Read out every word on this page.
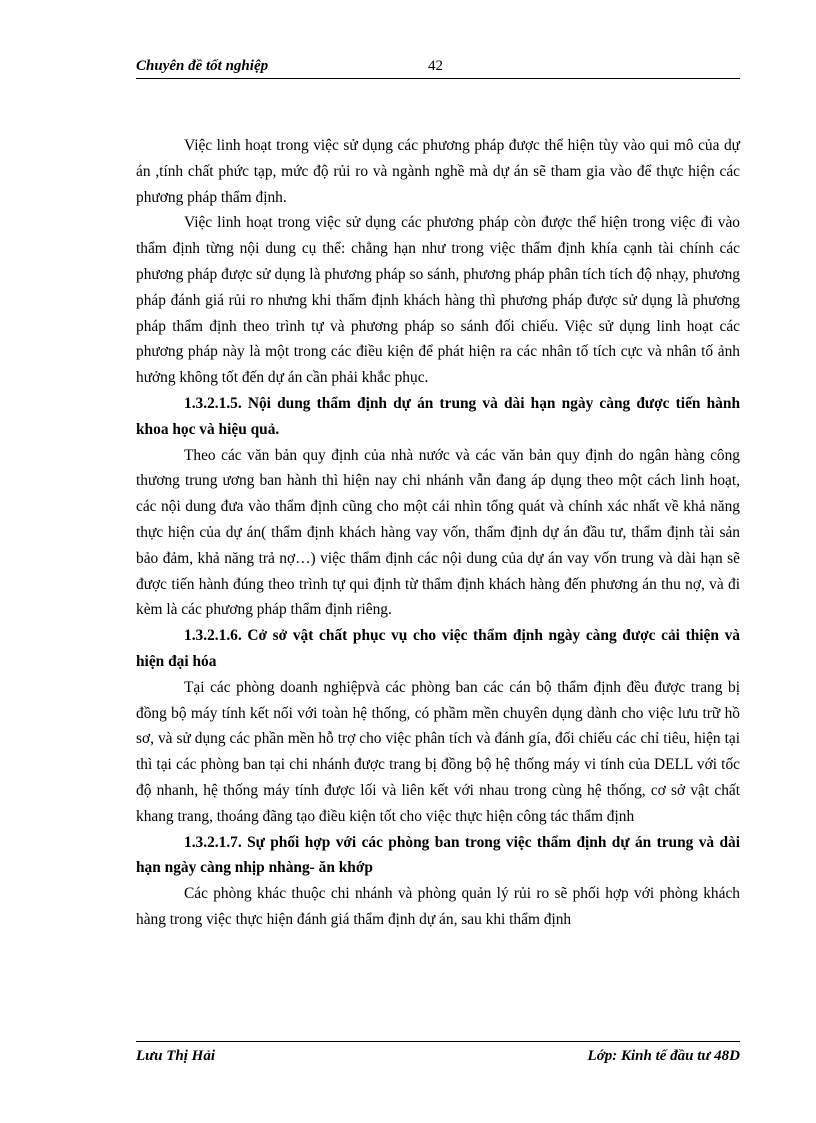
Chuyên đề tốt nghiệp	42

Việc linh hoạt trong việc sử dụng các phương pháp được thể hiện tùy vào qui mô của dự án ,tính chất phức tạp, mức độ rủi ro và ngành nghề mà dự án sẽ tham gia vào để thực hiện các phương pháp thẩm định.

Việc linh hoạt trong việc sử dụng các phương pháp còn được thể hiện trong việc đi vào thẩm định từng nội dung cụ thể: chẳng hạn như trong việc thẩm định khía cạnh tài chính các phương pháp được sử dụng là phương pháp so sánh, phương pháp phân tích tích độ nhạy, phương pháp đánh giá rủi ro nhưng khi thẩm định khách hàng thì phương pháp được sử dụng là phương pháp thẩm định theo trình tự và phương pháp so sánh đối chiếu. Việc sử dụng linh hoạt các phương pháp này là một trong các điều kiện để phát hiện ra các nhân tố tích cực và nhân tố ảnh hưởng không tốt đến dự án cần phải khắc phục.

1.3.2.1.5. Nội dung thẩm định dự án trung và dài hạn ngày càng được tiến hành khoa học và hiệu quả.

Theo các văn bản quy định của nhà nước và các văn bản quy định do ngân hàng công thương trung ương ban hành thì hiện nay chi nhánh vẫn đang áp dụng theo một cách linh hoạt, các nội dung đưa vào thẩm định cũng cho một cái nhìn tổng quát và chính xác nhất về khả năng thực hiện của dự án( thẩm định khách hàng vay vốn, thẩm định dự án đầu tư, thẩm định tài sản bảo đảm, khả năng trả nợ…) việc thẩm định các nội dung của dự án vay vốn trung và dài hạn sẽ được tiến hành đúng theo trình tự qui định từ thẩm định khách hàng đến phương án thu nợ, và đi kèm là các phương pháp thẩm định riêng.

1.3.2.1.6. Cở sở vật chất phục vụ cho việc thẩm định ngày càng được cải thiện và hiện đại hóa

Tại các phòng doanh nghiệpvà các phòng ban các cán bộ thẩm định đều được trang bị đồng bộ máy tính kết nối với toàn hệ thống, có phầm mền chuyên dụng dành cho việc lưu trữ hồ sơ, và sử dụng các phần mền hỗ trợ cho việc phân tích và đánh gía, đối chiếu các chỉ tiêu, hiện tại thì tại các phòng ban tại chi nhánh được trang bị đồng bộ hệ thống máy vi tính của DELL với tốc độ nhanh, hệ thống máy tính được lối và liên kết với nhau trong cùng hệ thống, cơ sở vật chất khang trang, thoáng đãng tạo điều kiện tốt cho việc thực hiện công tác thẩm định

1.3.2.1.7. Sự phối hợp với các phòng ban trong việc thẩm định dự án trung và dài hạn ngày càng nhịp nhàng- ăn khớp

Các phòng khác thuộc chi nhánh và phòng quản lý rủi ro sẽ phối hợp với phòng khách hàng trong việc thực hiện đánh giá thẩm định dự án, sau khi thẩm định

Lưu Thị Hải	Lớp: Kinh tế đầu tư 48D
